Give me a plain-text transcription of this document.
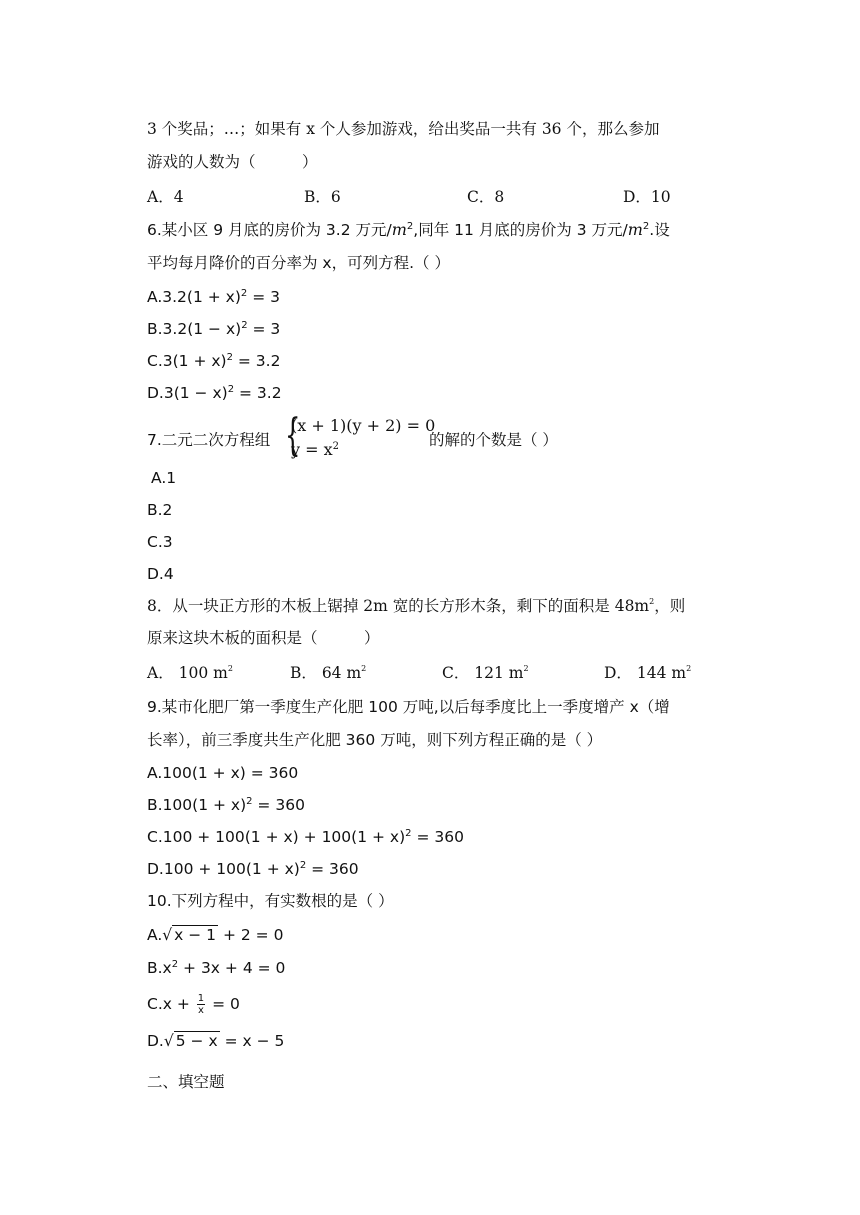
3 个奖品；…；如果有 x 个人参加游戏，给出奖品一共有 36 个，那么参加
游戏的人数为（　　　）
A．4	B．6	C．8	D．10
6.某小区 9 月底的房价为 3.2 万元$/m^2$,同年 11 月底的房价为 3 万元$/m^2$.设
平均每月降价的百分率为 x，可列方程.（ ）
$A.3.2(1 + x)^2 = 3$
$B.3.2(1 - x)^2 = 3$
$C.3(1 + x)^2 = 3.2$
$D.3(1 - x)^2 = 3.2$
7.二元二次方程组 {
(x + 1)(y + 2) = 0
$y = x^2$	的解的个数是（ ）
A.1
B.2
C.3
D.4
8．从一块正方形的木板上锯掉 2m 宽的长方形木条，剩下的面积是 $48m^2$，则
原来这块木板的面积是（　　　）
A． 100 $m^2$	B． 64 $m^2$	C． 121 $m^2$	D． 144 $m^2$
9.某市化肥厂第一季度生产化肥 100 万吨,以后每季度比上一季度增产 x（增
长率），前三季度共生产化肥 360 万吨，则下列方程正确的是（ ）
A.100(1 + x) = 360
$B.100(1 + x)^2 = 360$
$C.100 + 100(1 + x) + 100(1 + x)^2 = 360$
$D.100 + 100(1 + x)^2 = 360$
10.下列方程中，有实数根的是（ ）
A.√ x − 1 + 2 = 0
$B.x^2 + 3x + 4 = 0$
$C.x + \frac{1}{x} = 0$
D.√ 5 − x = x − 5
二、填空题
